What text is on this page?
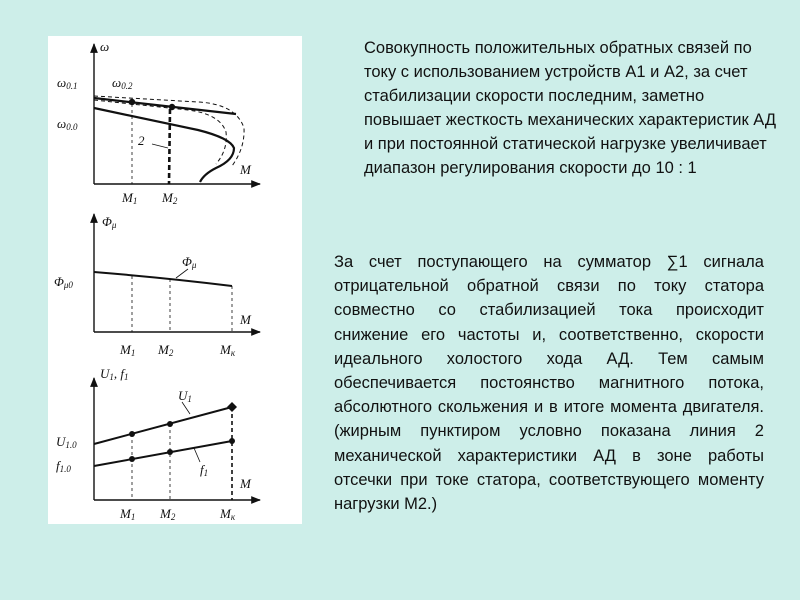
ω
ω0.1	ω0.2
ω0.0
2
M
M1 M2
Φμ
Φμ0
Φμ
M
M1 M2	Mк
U1, f1
U1.0
f1.0
U1
f1
M
M1 M2	Mк
Совокупность положительных обратных связей по току с использованием устройств А1 и А2, за счет стабилизации скорости последним, заметно повышает жесткость механических характеристик АД и при постоянной статической нагрузке увеличивает диапазон регулирования скорости до 10 : 1
За счет поступающего на сумматор ∑1 сигнала отрицательной обратной связи по току статора совместно со стабилизацией тока происходит снижение его частоты и, соответственно, скорости идеального холостого хода АД. Тем самым обеспечивается постоянство магнитного потока, абсолютного скольжения и в итоге момента двигателя. (жирным пунктиром условно показана линия 2 механической характеристики АД в зоне работы отсечки при токе статора, соответствующего моменту нагрузки М2.)
